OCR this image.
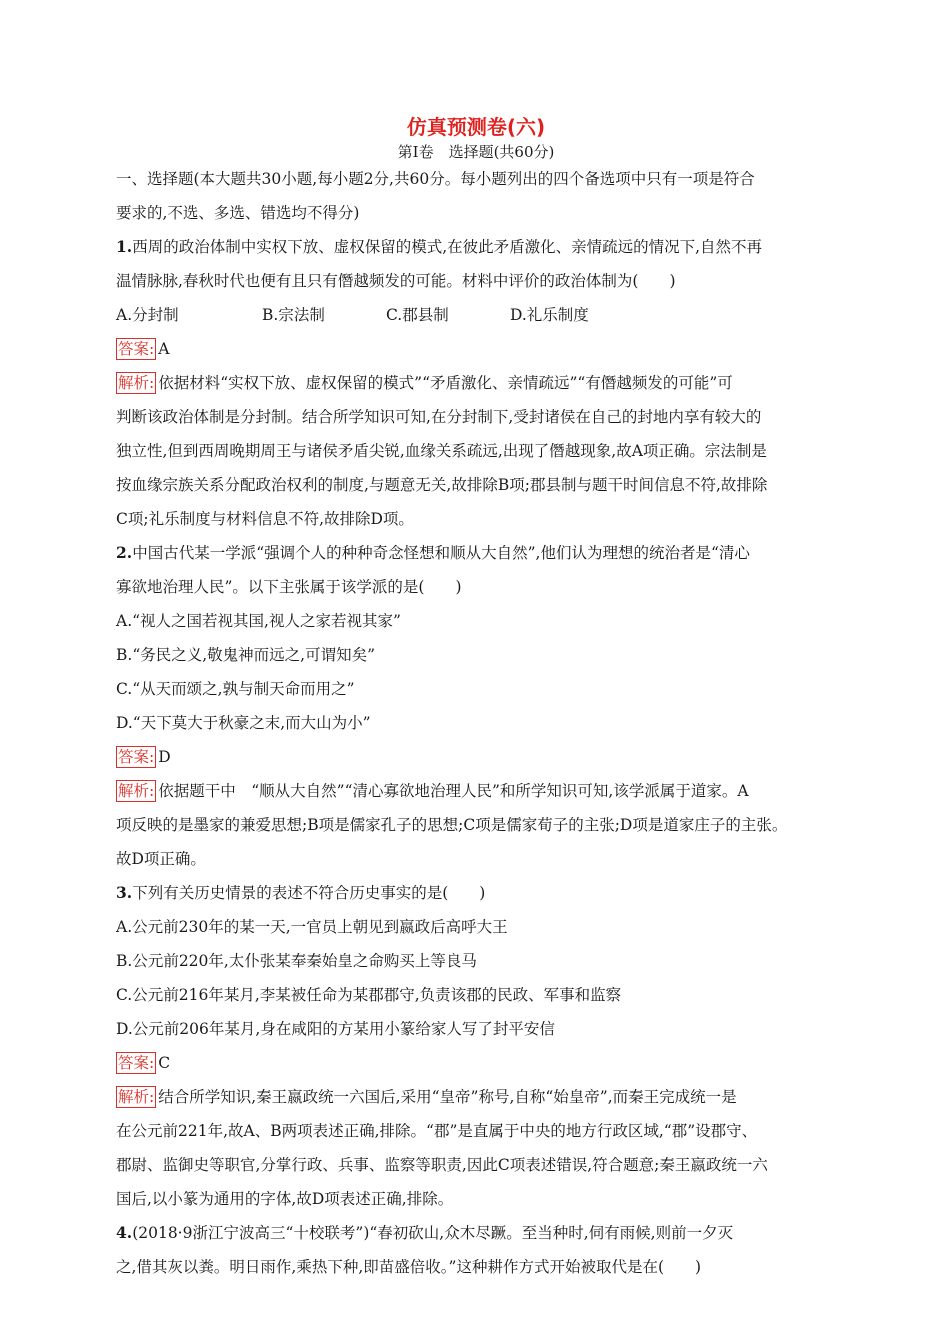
仿真预测卷(六)

第Ⅰ卷　选择题(共60分)

一、选择题(本大题共30小题,每小题2分,共60分。每小题列出的四个备选项中只有一项是符合

要求的,不选、多选、错选均不得分)

1.西周的政治体制中实权下放、虚权保留的模式,在彼此矛盾激化、亲情疏远的情况下,自然不再

温情脉脉,春秋时代也便有且只有僭越频发的可能。材料中评价的政治体制为(　　)

A.分封制	B.宗法制	C.郡县制	D.礼乐制度

答案: A

解析: 依据材料“实权下放、虚权保留的模式”“矛盾激化、亲情疏远”“有僭越频发的可能”可

判断该政治体制是分封制。结合所学知识可知,在分封制下,受封诸侯在自己的封地内享有较大的

独立性,但到西周晚期周王与诸侯矛盾尖锐,血缘关系疏远,出现了僭越现象,故A项正确。宗法制是

按血缘宗族关系分配政治权利的制度,与题意无关,故排除B项;郡县制与题干时间信息不符,故排除

C项;礼乐制度与材料信息不符,故排除D项。

2.中国古代某一学派“强调个人的种种奇念怪想和顺从大自然”,他们认为理想的统治者是“清心

寡欲地治理人民”。以下主张属于该学派的是(　　)

A.“视人之国若视其国,视人之家若视其家”

B.“务民之义,敬鬼神而远之,可谓知矣”

C.“从天而颂之,孰与制天命而用之”

D.“天下莫大于秋豪之末,而大山为小”

答案: D

解析: 依据题干中　“顺从大自然”“清心寡欲地治理人民”和所学知识可知,该学派属于道家。A

项反映的是墨家的兼爱思想;B项是儒家孔子的思想;C项是儒家荀子的主张;D项是道家庄子的主张。

故D项正确。

3.下列有关历史情景的表述不符合历史事实的是(　　)

A.公元前230年的某一天,一官员上朝见到嬴政后高呼大王

B.公元前220年,太仆张某奉秦始皇之命购买上等良马

C.公元前216年某月,李某被任命为某郡郡守,负责该郡的民政、军事和监察

D.公元前206年某月,身在咸阳的方某用小篆给家人写了封平安信

答案: C

解析: 结合所学知识,秦王嬴政统一六国后,采用“皇帝”称号,自称“始皇帝”,而秦王完成统一是

在公元前221年,故A、B两项表述正确,排除。“郡”是直属于中央的地方行政区域,“郡”设郡守、

郡尉、监御史等职官,分掌行政、兵事、监察等职责,因此C项表述错误,符合题意;秦王嬴政统一六

国后,以小篆为通用的字体,故D项表述正确,排除。

4.(2018·9浙江宁波高三“十校联考”)“春初砍山,众木尽蹶。至当种时,伺有雨候,则前一夕灭

之,借其灰以粪。明日雨作,乘热下种,即苗盛倍收。”这种耕作方式开始被取代是在(　　)
